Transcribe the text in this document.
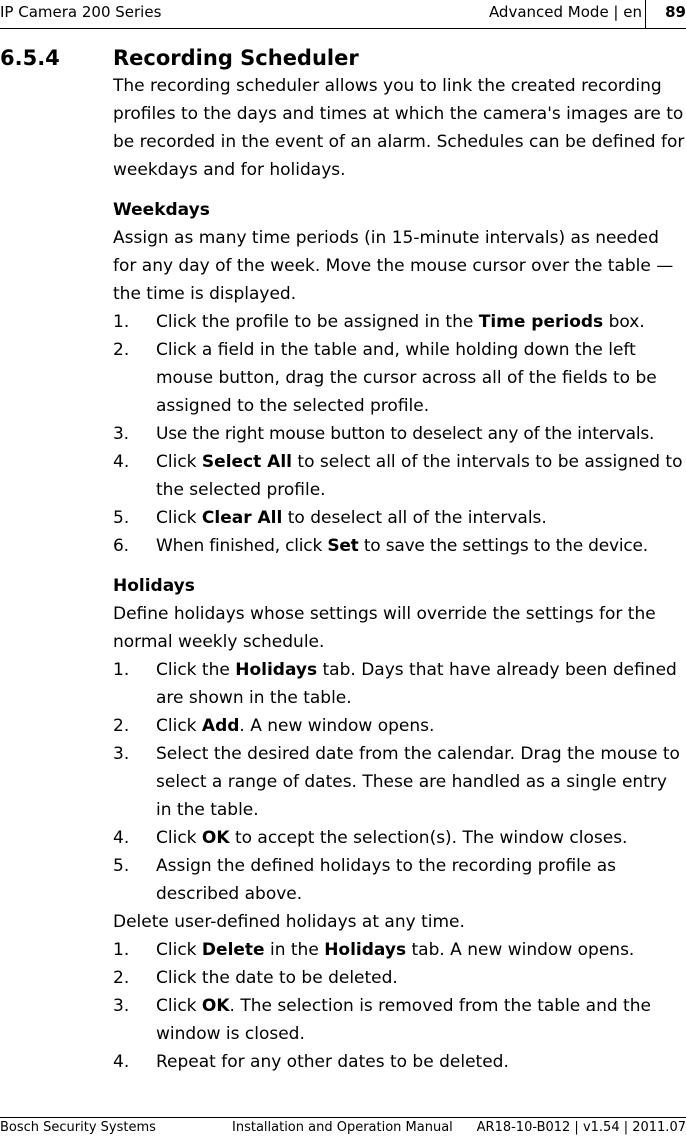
IP Camera 200 Series	Advanced Mode | en	89
6.5.4	Recording Scheduler

The recording scheduler allows you to link the created recording profiles to the days and times at which the camera's images are to be recorded in the event of an alarm. Schedules can be defined for weekdays and for holidays.

Weekdays

Assign as many time periods (in 15-minute intervals) as needed for any day of the week. Move the mouse cursor over the table — the time is displayed.

1. Click the profile to be assigned in the Time periods box.
2. Click a field in the table and, while holding down the left mouse button, drag the cursor across all of the fields to be assigned to the selected profile.
3. Use the right mouse button to deselect any of the intervals.
4. Click Select All to select all of the intervals to be assigned to the selected profile.
5. Click Clear All to deselect all of the intervals.
6. When finished, click Set to save the settings to the device.
Holidays

Define holidays whose settings will override the settings for the normal weekly schedule.

1. Click the Holidays tab. Days that have already been defined are shown in the table.
2. Click Add. A new window opens.
3. Select the desired date from the calendar. Drag the mouse to select a range of dates. These are handled as a single entry in the table.
4. Click OK to accept the selection(s). The window closes.
5. Assign the defined holidays to the recording profile as described above.

Delete user-defined holidays at any time.

1. Click Delete in the Holidays tab. A new window opens.
2. Click the date to be deleted.
3. Click OK. The selection is removed from the table and the window is closed.
4. Repeat for any other dates to be deleted.
Bosch Security Systems	Installation and Operation Manual AR18-10-B012 | v1.54 | 2011.07
